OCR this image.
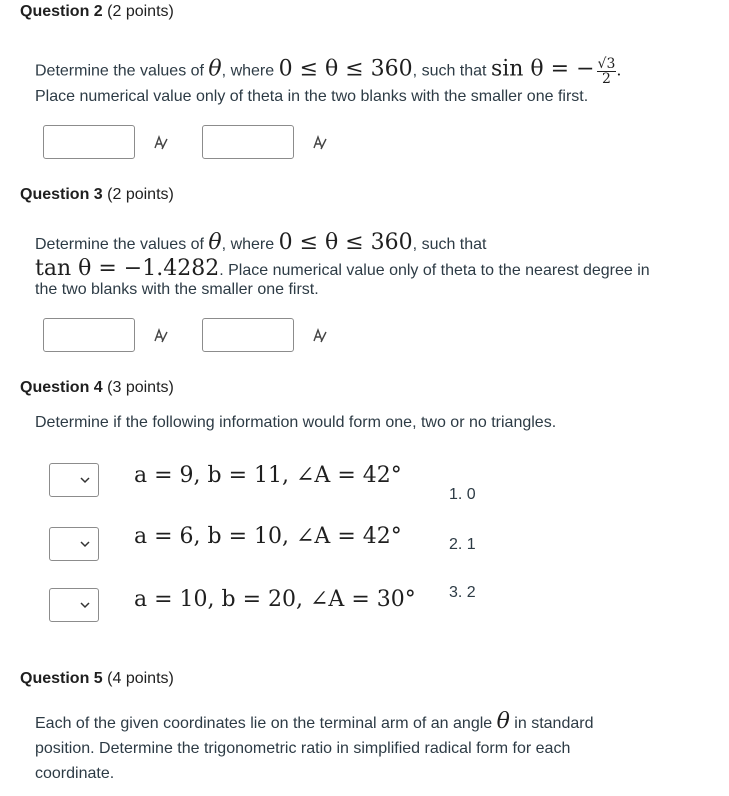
Question 2 (2 points)
Determine the values of θ, where 0 ≤ θ ≤ 360, such that sin θ = − $\frac{√3}{2}$ .
Place numerical value only of theta in the two blanks with the smaller one first.
Question 3 (2 points)
Determine the values of θ, where 0 ≤ θ ≤ 360, such that
tan θ = −1.4282. Place numerical value only of theta to the nearest degree in
the two blanks with the smaller one first.
Question 4 (3 points)
Determine if the following information would form one, two or no triangles.
a = 9, b = 11, ∠A = 42°
a = 6, b = 10, ∠A = 42°
a = 10, b = 20, ∠A = 30°
1. 0
2. 1
3. 2
Question 5 (4 points)
Each of the given coordinates lie on the terminal arm of an angle θ in standard
position. Determine the trigonometric ratio in simplified radical form for each
coordinate.
